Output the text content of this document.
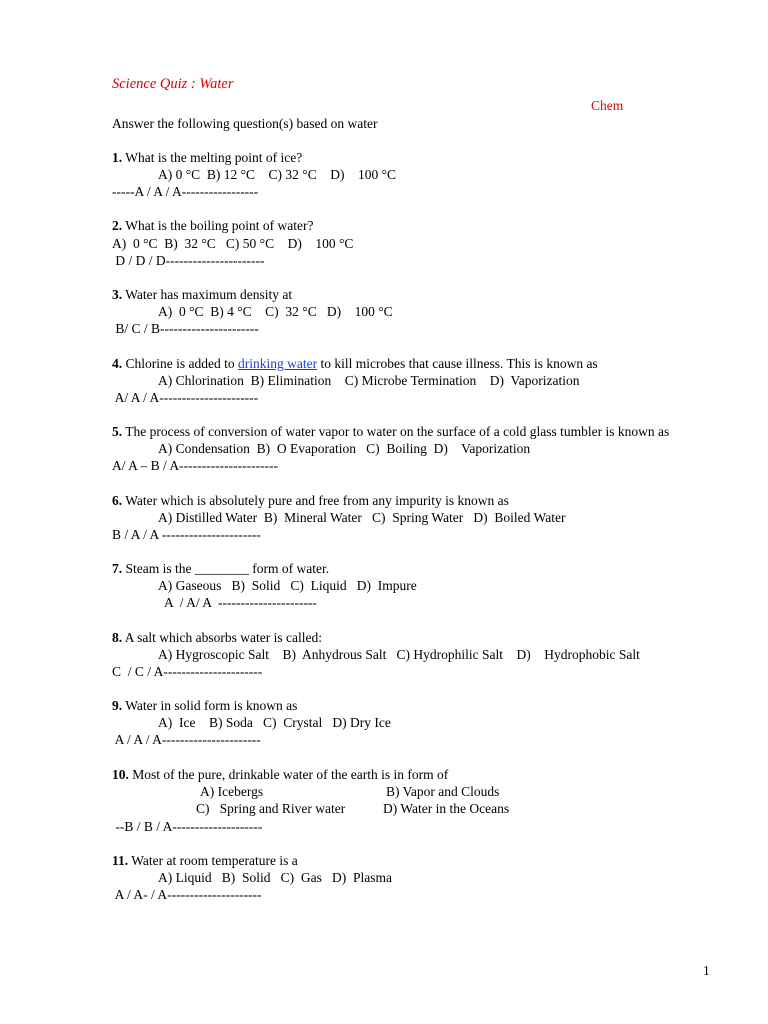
Science Quiz : Water
Chem
Answer the following question(s) based on water
1. What is the melting point of ice?
A) 0 °C  B) 12 °C    C) 32 °C    D)    100 °C
-----A / A / A-----------------
2. What is the boiling point of water?
A)  0 °C  B)  32 °C   C) 50 °C    D)    100 °C
D / D / D----------------------
3. Water has maximum density at
A)  0 °C  B) 4 °C    C)  32 °C   D)    100 °C
B/ C / B----------------------
4. Chlorine is added to drinking water to kill microbes that cause illness. This is known as
A) Chlorination  B) Elimination    C) Microbe Termination    D)  Vaporization
A/ A / A----------------------
5. The process of conversion of water vapor to water on the surface of a cold glass tumbler is known as
A) Condensation  B)  O Evaporation   C)  Boiling  D)    Vaporization
A/ A – B / A----------------------
6. Water which is absolutely pure and free from any impurity is known as
A) Distilled Water  B)  Mineral Water   C)  Spring Water   D)  Boiled Water
B / A / A ----------------------
7. Steam is the ________ form of water.
A) Gaseous   B)  Solid   C)  Liquid   D)  Impure
A  / A/ A  ----------------------
8. A salt which absorbs water is called:
A) Hygroscopic Salt    B)  Anhydrous Salt   C) Hydrophilic Salt    D)    Hydrophobic Salt
C  / C / A----------------------
9. Water in solid form is known as
A)  Ice    B) Soda   C)  Crystal   D) Dry Ice
A / A / A----------------------
10. Most of the pure, drinkable water of the earth is in form of
A) Icebergs	B) Vapor and Clouds
C)   Spring and River water	D) Water in the Oceans
--B / B / A--------------------
11. Water at room temperature is a
A) Liquid   B)  Solid   C)  Gas   D)  Plasma
A / A- / A---------------------
1
